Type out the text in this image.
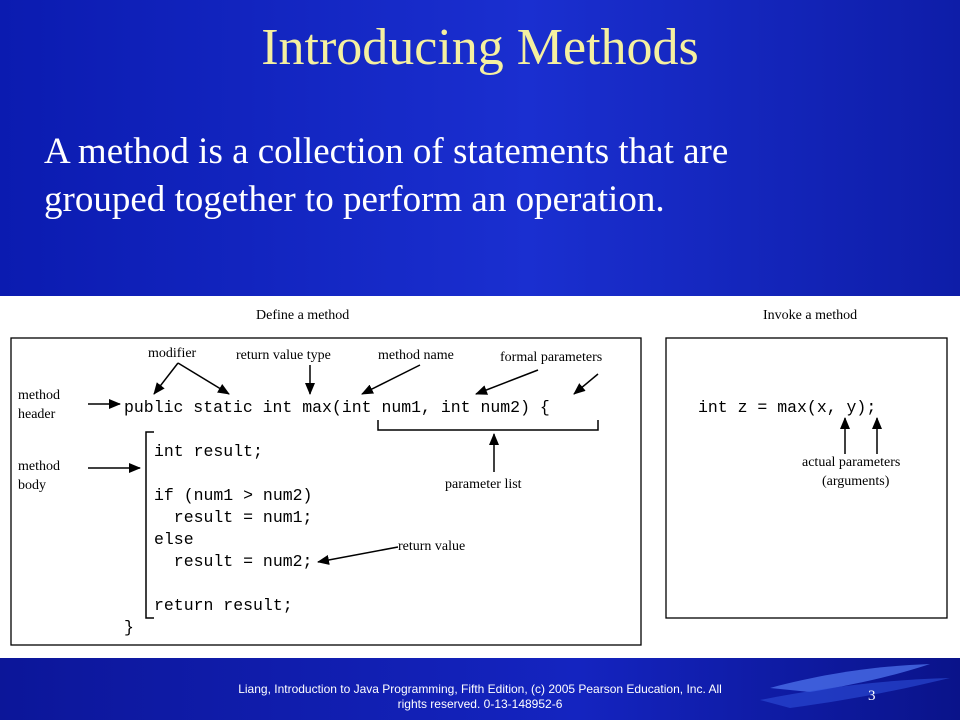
Introducing Methods
A method is a collection of statements that are
grouped together to perform an operation.
Define a method	Invoke a method
modifier	return value type	method name	formal parameters
method
header
method
body	parameter list
return value
actual parameters
(arguments)
public static int max(int num1, int num2) {
int result;
if (num1 > num2)
result = num1;
else
result = num2;
return result;
}
int z = max(x, y);
Liang, Introduction to Java Programming, Fifth Edition, (c) 2005 Pearson Education, Inc. All
rights reserved. 0-13-148952-6	3
